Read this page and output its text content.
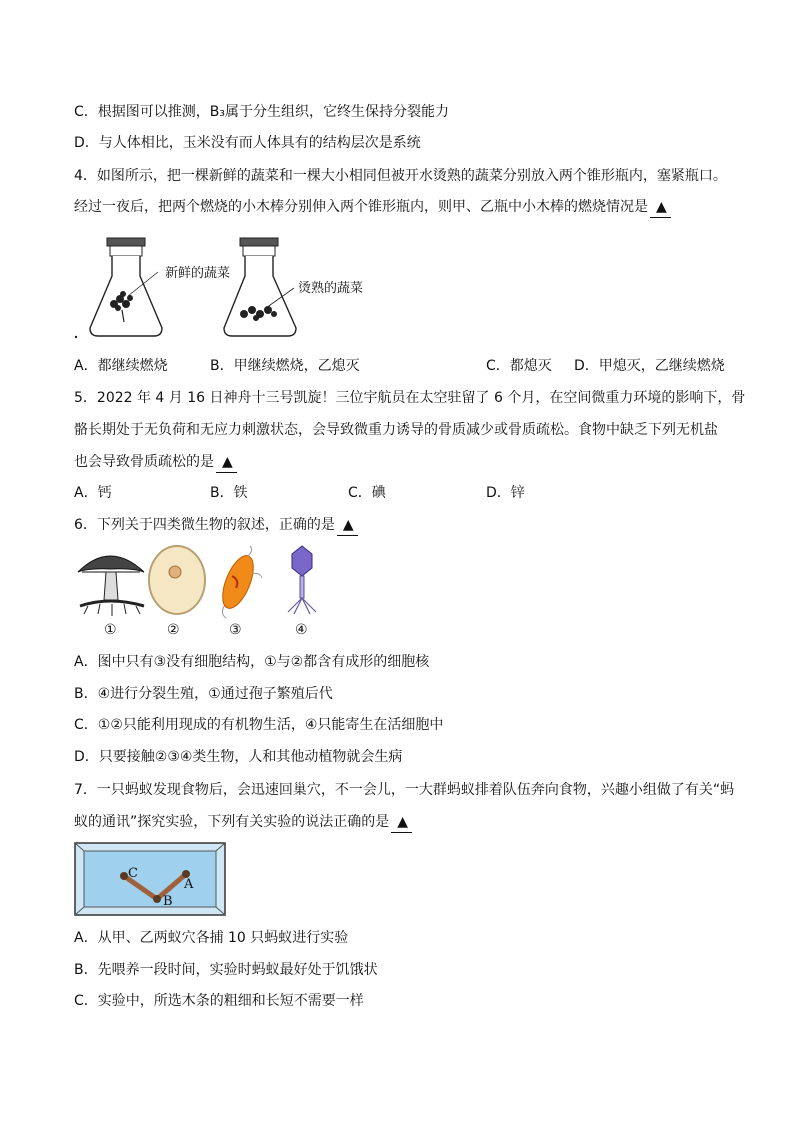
C．根据图可以推测，B₃属于分生组织，它终生保持分裂能力
D．与人体相比，玉米没有而人体具有的结构层次是系统
4．如图所示，把一棵新鲜的蔬菜和一棵大小相同但被开水烫熟的蔬菜分别放入两个锥形瓶内，塞紧瓶口。
经过一夜后，把两个燃烧的小木棒分别伸入两个锥形瓶内，则甲、乙瓶中小木棒的燃烧情况是 ▲
新鲜的蔬菜
烫熟的蔬菜
A．都继续燃烧	B．甲继续燃烧，乙熄灭	C．都熄灭 D．甲熄灭，乙继续燃烧
5．2022 年 4 月 16 日神舟十三号凯旋！三位宇航员在太空驻留了 6 个月，在空间微重力环境的影响下，骨
骼长期处于无负荷和无应力刺激状态，会导致微重力诱导的骨质减少或骨质疏松。食物中缺乏下列无机盐
也会导致骨质疏松的是 ▲
A．钙	B．铁	C．碘	D．锌
6．下列关于四类微生物的叙述，正确的是 ▲
①	②	③	④
A．图中只有③没有细胞结构，①与②都含有成形的细胞核
B．④进行分裂生殖，①通过孢子繁殖后代
C．①②只能利用现成的有机物生活，④只能寄生在活细胞中
D．只要接触②③④类生物，人和其他动植物就会生病
7．一只蚂蚁发现食物后，会迅速回巢穴，不一会儿，一大群蚂蚁排着队伍奔向食物，兴趣小组做了有关“蚂
蚁的通讯”探究实验，下列有关实验的说法正确的是 ▲
C
B
A
A．从甲、乙两蚁穴各捕 10 只蚂蚁进行实验
B．先喂养一段时间，实验时蚂蚁最好处于饥饿状
C．实验中，所选木条的粗细和长短不需要一样
